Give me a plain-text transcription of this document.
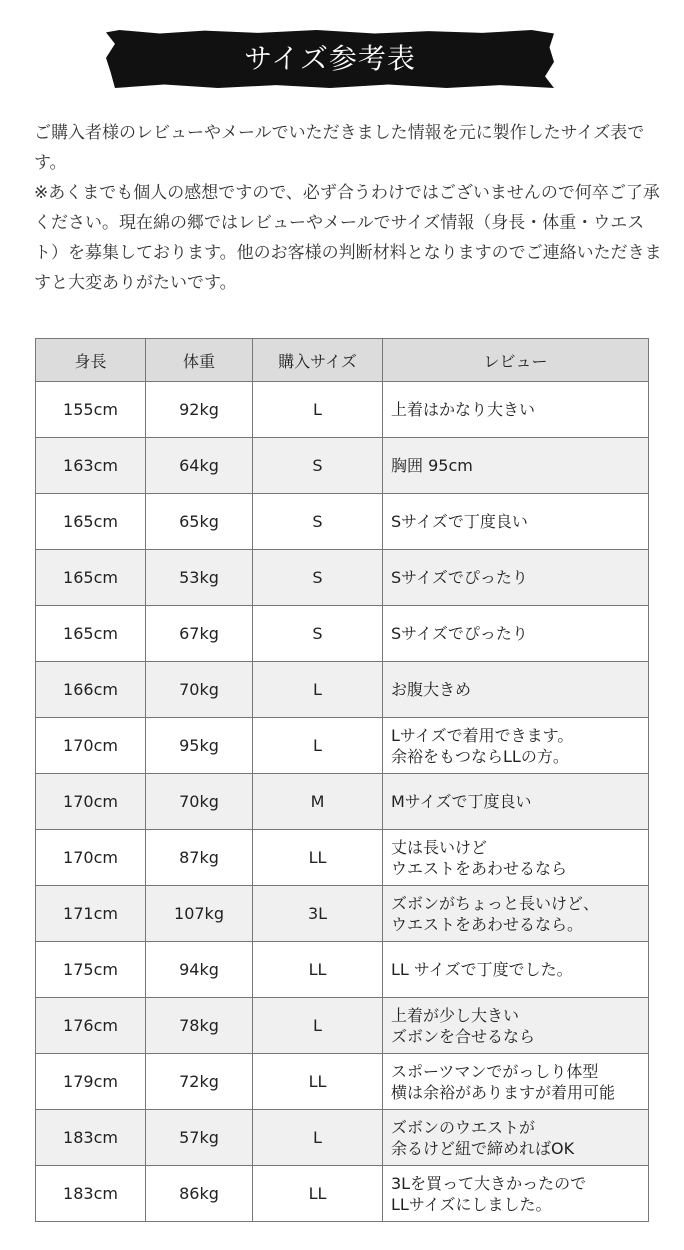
サイズ参考表

ご購入者様のレビューやメールでいただきました情報を元に製作したサイズ表です。

※あくまでも個人の感想ですので、必ず合うわけではございませんので何卒ご了承ください。現在綿の郷ではレビューやメールでサイズ情報（身長・体重・ウエスト）を募集しております。他のお客様の判断材料となりますのでご連絡いただきますと大変ありがたいです。

身長	体重	購入サイズ	レビュー
155cm	92kg	L	上着はかなり大きい
163cm	64kg	S	胸囲 95cm
165cm	65kg	S	Sサイズで丁度良い
165cm	53kg	S	Sサイズでぴったり
165cm	67kg	S	Sサイズでぴったり
166cm	70kg	L	お腹大きめ
170cm	95kg	L	Lサイズで着用できます。
余裕をもつならLLの方。
170cm	70kg	M	Mサイズで丁度良い
170cm	87kg	LL	丈は長いけど
ウエストをあわせるなら
171cm	107kg	3L	ズボンがちょっと長いけど、
ウエストをあわせるなら。
175cm	94kg	LL	LL サイズで丁度でした。
176cm	78kg	L	上着が少し大きい
ズボンを合せるなら
179cm	72kg	LL	スポーツマンでがっしり体型
横は余裕がありますが着用可能
183cm	57kg	L	ズボンのウエストが
余るけど紐で締めればOK
183cm	86kg	LL	3Lを買って大きかったので
LLサイズにしました。
